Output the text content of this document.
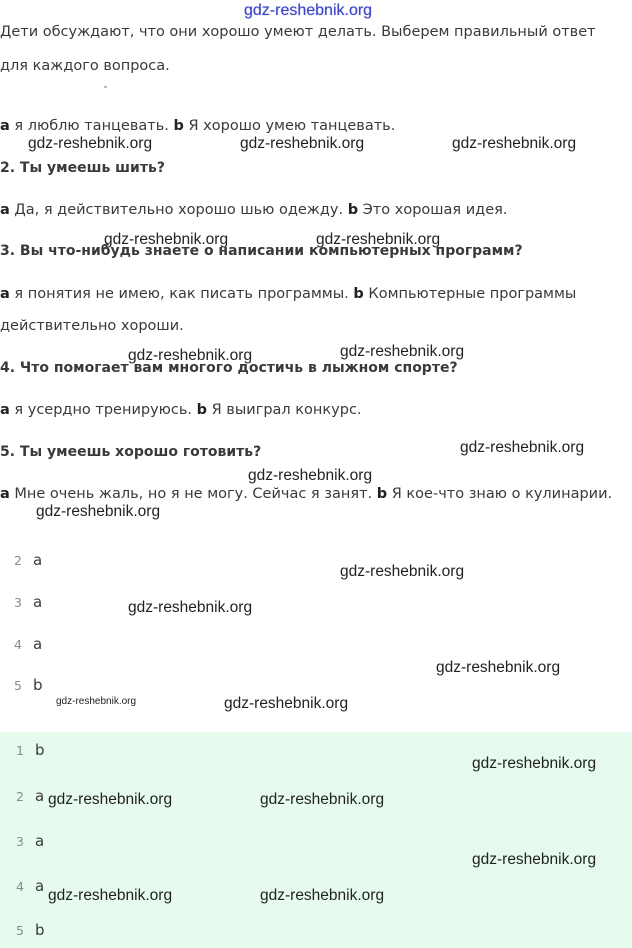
gdz-reshebnik.org
Дети обсуждают, что они хорошо умеют делать. Выберем правильный ответ
для каждого вопроса.
˘
a я люблю танцевать. b Я хорошо умею танцевать.
2. Ты умеешь шить?
a Да, я действительно хорошо шью одежду. b Это хорошая идея.
3. Вы что-нибудь знаете о написании компьютерных программ?
a я понятия не имею, как писать программы. b Компьютерные программы
действительно хороши.
4. Что помогает вам многого достичь в лыжном спорте?
a я усердно тренируюсь. b Я выиграл конкурс.
5. Ты умеешь хорошо готовить?
a Мне очень жаль, но я не могу. Сейчас я занят. b Я кое-что знаю о кулинарии.
2 a
3 a
4 a
5 b
1 b
2 a
3 a
4 a
5 b
gdz-reshebnik.org	gdz-reshebnik.org	gdz-reshebnik.org
gdz-reshebnik.org	gdz-reshebnik.org
gdz-reshebnik.org	gdz-reshebnik.org
gdz-reshebnik.org
gdz-reshebnik.org
gdz-reshebnik.org
gdz-reshebnik.org
gdz-reshebnik.org
gdz-reshebnik.org
gdz-reshebnik.org	gdz-reshebnik.org
gdz-reshebnik.org
gdz-reshebnik.org	gdz-reshebnik.org
gdz-reshebnik.org
gdz-reshebnik.org	gdz-reshebnik.org
